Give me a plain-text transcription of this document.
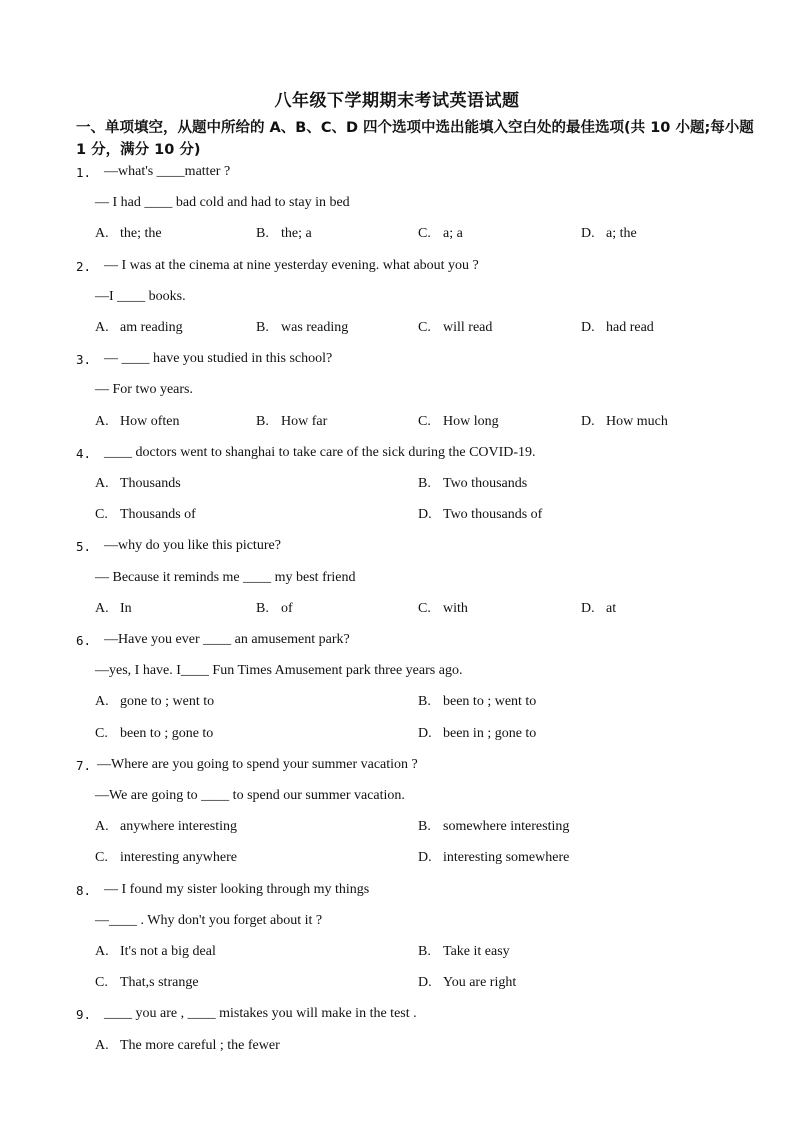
八年级下学期期末考试英语试题
一、单项填空，从题中所给的 A、B、C、D 四个选项中选出能填入空白处的最佳选项(共 10 小题;每小题 1 分，满分 10 分)
1. —what's ____matter ?
— I had ____ bad cold and had to stay in bed
A. the; the	B. the; a	C. a; a	D. a; the
2. — I was at the cinema at nine yesterday evening. what about you ?
—I ____ books.
A. am reading	B. was reading	C. will read	D. had read
3. — ____ have you studied in this school?
— For two years.
A. How often	B. How far	C. How long	D. How much
4. ____ doctors went to shanghai to take care of the sick during the COVID-19.
A. Thousands	B. Two thousands
C. Thousands of	D. Two thousands of
5. —why do you like this picture?
— Because it reminds me ____ my best friend
A. In	B. of	C. with	D. at
6. —Have you ever ____ an amusement park?
—yes, I have. I____ Fun Times Amusement park three years ago.
A. gone to ; went to	B. been to ; went to
C. been to ; gone to	D. been in ; gone to
7. —Where are you going to spend your summer vacation ?
—We are going to ____ to spend our summer vacation.
A. anywhere interesting	B. somewhere interesting
C. interesting anywhere	D. interesting somewhere
8. — I found my sister looking through my things
—____ . Why don't you forget about it ?
A. It's not a big deal	B. Take it easy
C. That,s strange	D. You are right
9. ____ you are , ____ mistakes you will make in the test .
A. The more careful ; the fewer
